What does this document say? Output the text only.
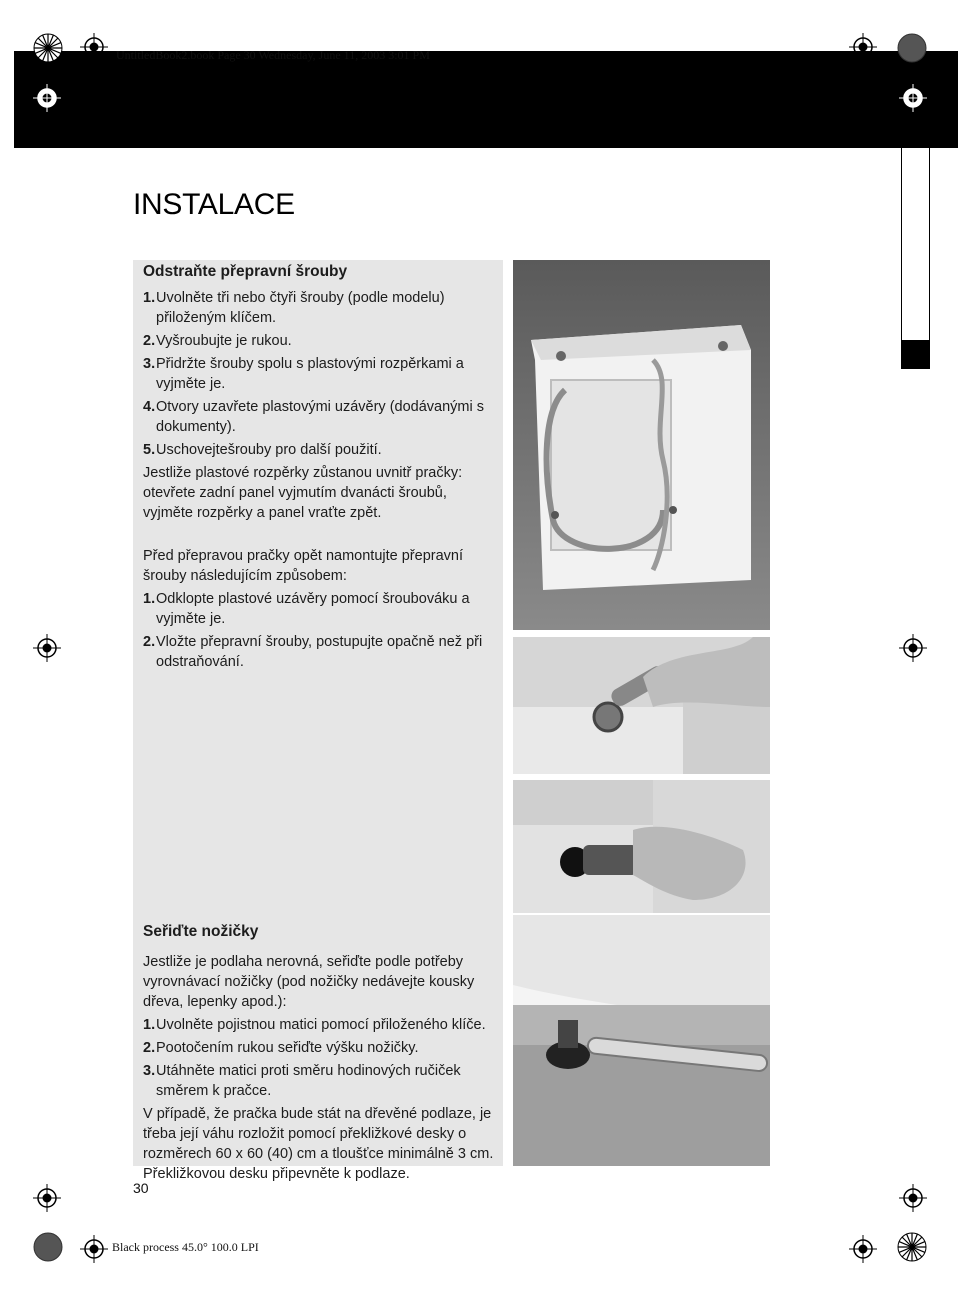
UntitledBook2.book Page 30 Wednesday, June 11, 2003 3:01 PM
INSTALACE
Odstraňte přepravní šrouby
1. Uvolněte tři nebo čtyři šrouby (podle modelu) přiloženým klíčem.
2. Vyšroubujte je rukou.
3. Přidržte šrouby spolu s plastovými rozpěrkami a vyjměte je.
4. Otvory uzavřete plastovými uzávěry (dodávanými s dokumenty).
5. Uschovejtešrouby pro další použití.

Jestliže plastové rozpěrky zůstanou uvnitř pračky: otevřete zadní panel vyjmutím dvanácti šroubů, vyjměte rozpěrky a panel vraťte zpět.

Před přepravou pračky opět namontujte přepravní šrouby následujícím způsobem:

1. Odklopte plastové uzávěry pomocí šroubováku a vyjměte je.
2. Vložte přepravní šrouby, postupujte opačně než při odstraňování.
Seřiďte nožičky

Jestliže je podlaha nerovná, seřiďte podle potřeby vyrovnávací nožičky (pod nožičky nedávejte kousky dřeva, lepenky apod.):

1. Uvolněte pojistnou matici pomocí přiloženého klíče.
2. Pootočením rukou seřiďte výšku nožičky.
3. Utáhněte matici proti směru hodinových ručiček směrem k pračce.

V případě, že pračka bude stát na dřevěné podlaze, je třeba její váhu rozložit pomocí překližkové desky o rozměrech 60 x 60 (40) cm a tloušťce minimálně 3 cm. Překližkovou desku připevněte k podlaze.

30
Black process 45.0° 100.0 LPI
